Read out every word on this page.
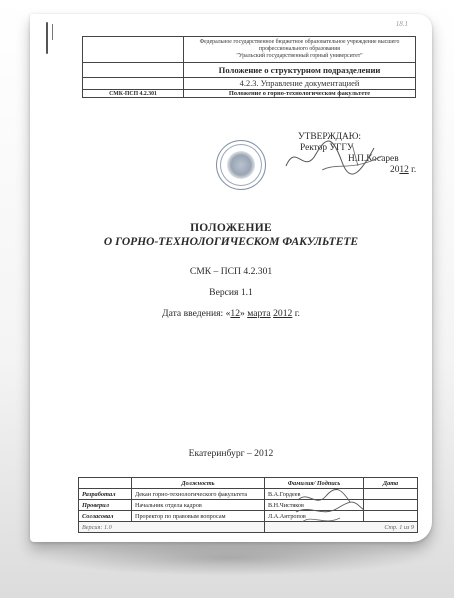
18.1

	Федеральное государственное бюджетное образовательное учреждение высшего
профессионального образования
"Уральский государственный горный университет"

	Положение о структурном подразделении
	4.2.3. Управление документацией
СМК-ПСП 4.2.301	Положение о горно-технологическом факультете
УТВЕРЖДАЮ:
Ректор УГГУ
Н.П.Косарев
2012 г.
ПОЛОЖЕНИЕ
О ГОРНО-ТЕХНОЛОГИЧЕСКОМ ФАКУЛЬТЕТЕ
СМК – ПСП 4.2.301
Версия 1.1
Дата введения: «12» марта 2012 г.
Екатеринбург – 2012
	Должность	Фамилия/ Подпись	Дата
Разработал	Декан горно-технологического факультета	В.А.Гордеев	
Проверил	Начальник отдела кадров	В.Н.Чистяков	
Согласовал	Проректор по правовым вопросам	Л.А.Антропов	
Версия: 1.0		Стр. 1 из 9	
